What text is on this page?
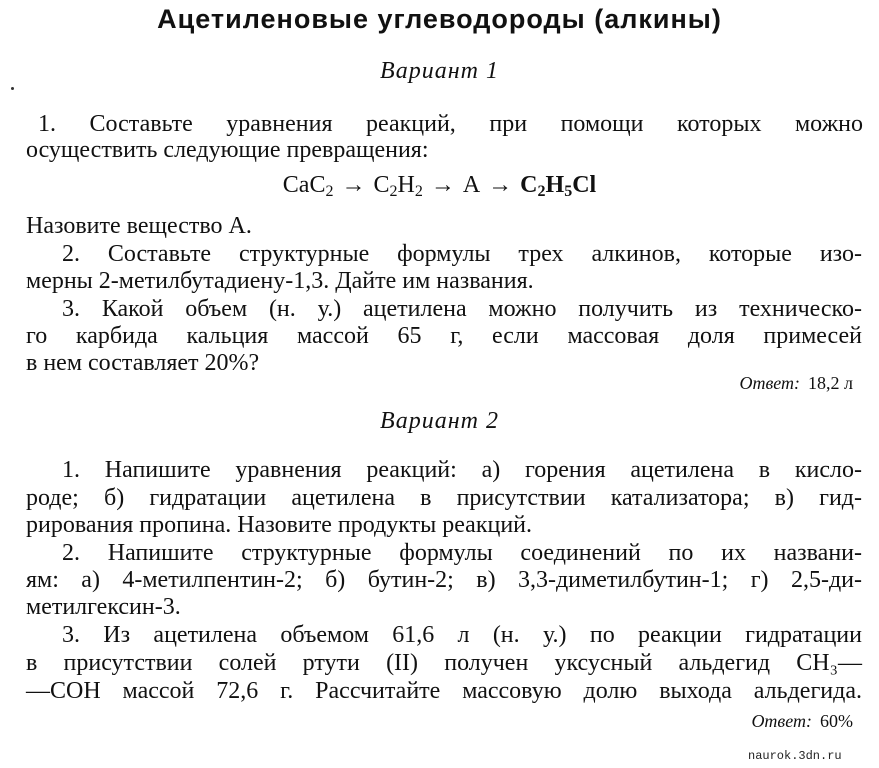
Ацетиленовые углеводороды (алкины)
Вариант 1
1. Составьте уравнения реакций, при помощи которых можно
осуществить следующие превращения:
$CaC_2 \to C_2H_2 \to A \to C_2H_5Cl$
Назовите вещество А.
2. Составьте структурные формулы трех алкинов, которые изо-
мерны 2-метилбутадиену-1,3. Дайте им названия.
3. Какой объем (н. у.) ацетилена можно получить из техническо-
го карбида кальция массой 65 г, если массовая доля примесей
в нем составляет 20%?
Ответ: 18,2 л
Вариант 2
1. Напишите уравнения реакций: а) горения ацетилена в кисло-
роде; б) гидратации ацетилена в присутствии катализатора; в) гид-
рирования пропина. Назовите продукты реакций.
2. Напишите структурные формулы соединений по их названи-
ям: а) 4-метилпентин-2; б) бутин-2; в) 3,3-диметилбутин-1; г) 2,5-ди-
метилгексин-3.
3. Из ацетилена объемом 61,6 л (н. у.) по реакции гидратации
в присутствии солей ртути (II) получен уксусный альдегид CH₃—
—COH массой 72,6 г. Рассчитайте массовую долю выхода альдегида.
Ответ: 60%
naurok.3dn.ru
